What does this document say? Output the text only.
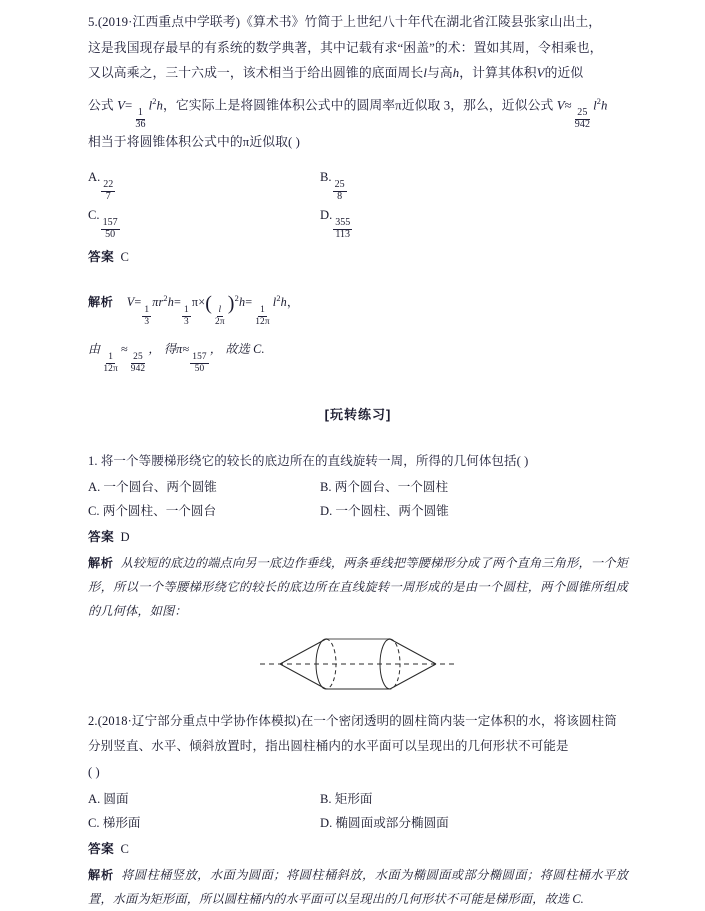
5.(2019·江西重点中学联考)《算术书》竹简于上世纪八十年代在湖北省江陵县张家山出土，
这是我国现存最早的有系统的数学典著，其中记载有求“困盖”的术：置如其周，令相乘也，
又以高乘之，三十六成一，该术相当于给出圆锥的底面周长l与高h，计算其体积V的近似
公式 V=
$\frac{1}{36}$
$l^2h$，它实际上是将圆锥体积公式中的圆周率π近似取 3，那么，近似公式 V≈
$\frac{25}{942}$
$l^2h$
相当于将圆锥体积公式中的π近似取( )
A.
$\frac{22}{7}$
B.
$\frac{25}{8}$
C.
$\frac{157}{50}$
D.
$\frac{355}{113}$
答案 C
解析 V=
$\frac{1}{3}$
$\pi r^2h=$
$\frac{1}{3}$
π×(
$\frac{l}{2\pi}$
)$^2$h=
$\frac{1}{12\pi}$
$l^2h$，
由
$\frac{1}{12\pi}$
≈
$\frac{25}{942}$
， 得π≈
$\frac{157}{50}$
， 故选 C.
[玩转练习]
1. 将一个等腰梯形绕它的较长的底边所在的直线旋转一周，所得的几何体包括( )
A. 一个圆台、两个圆锥	B. 两个圆台、一个圆柱
C. 两个圆柱、一个圆台	D. 一个圆柱、两个圆锥
答案 D
解析 从较短的底边的端点向另一底边作垂线，两条垂线把等腰梯形分成了两个直角三角形，一个矩形，所以一个等腰梯形绕它的较长的底边所在直线旋转一周形成的是由一个圆柱，两个圆锥所组成的几何体，如图：
2.(2018·辽宁部分重点中学协作体模拟)在一个密闭透明的圆柱筒内装一定体积的水，将该圆柱筒分别竖直、水平、倾斜放置时，指出圆柱桶内的水平面可以呈现出的几何形状不可能是
( )
A. 圆面	B. 矩形面
C. 梯形面	D. 椭圆面或部分椭圆面
答案 C
解析 将圆柱桶竖放，水面为圆面；将圆柱桶斜放，水面为椭圆面或部分椭圆面；将圆柱桶水平放置，水面为矩形面，所以圆柱桶内的水平面可以呈现出的几何形状不可能是梯形面，故选 C.
